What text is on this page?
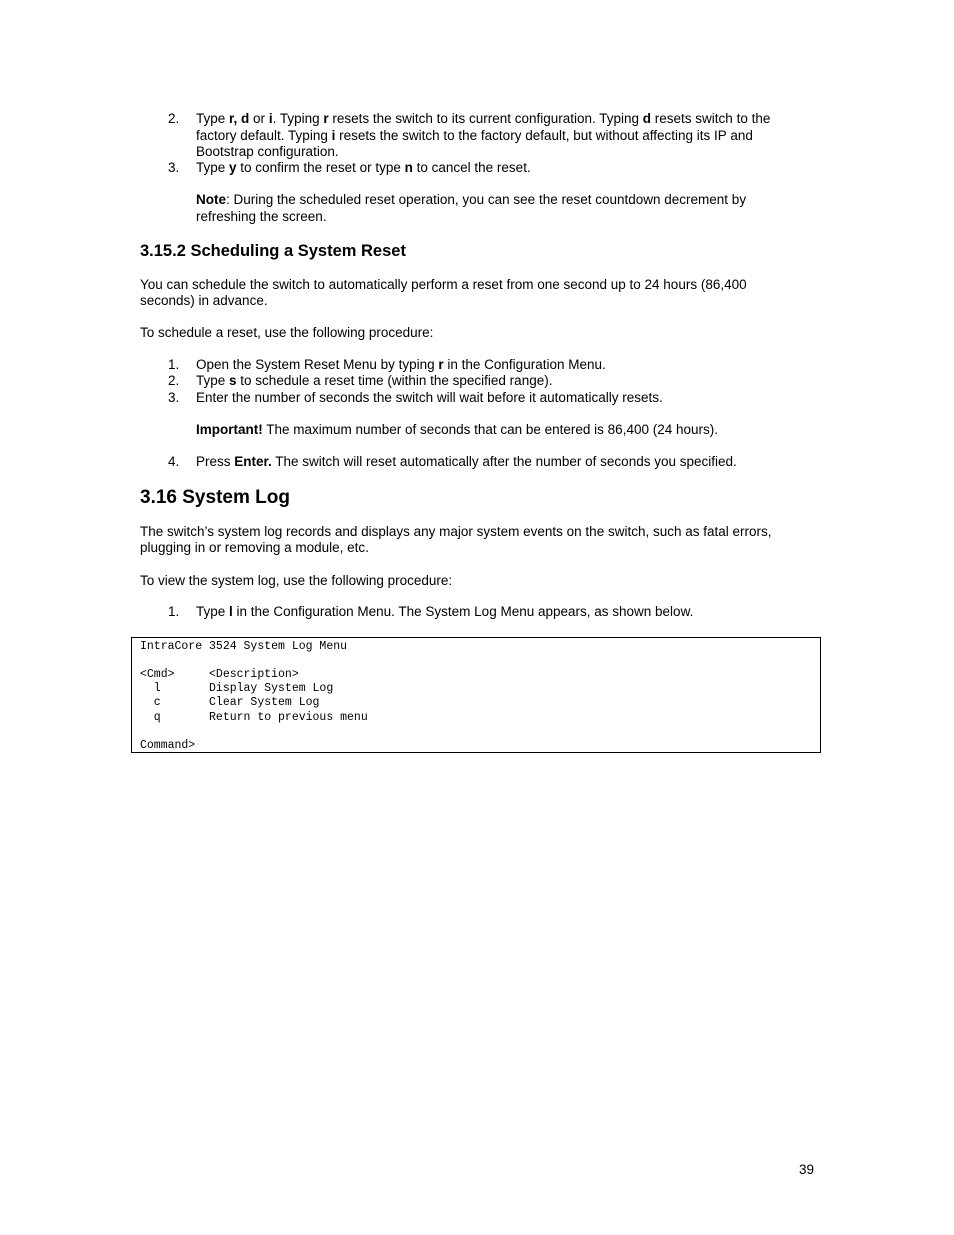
2. Type r, d or i. Typing r resets the switch to its current configuration. Typing d resets switch to the
factory default. Typing i resets the switch to the factory default, but without affecting its IP and
Bootstrap configuration.
3. Type y to confirm the reset or type n to cancel the reset.
Note: During the scheduled reset operation, you can see the reset countdown decrement by
refreshing the screen.
3.15.2 Scheduling a System Reset
You can schedule the switch to automatically perform a reset from one second up to 24 hours (86,400
seconds) in advance.
To schedule a reset, use the following procedure:
1. Open the System Reset Menu by typing r in the Configuration Menu.
2. Type s to schedule a reset time (within the specified range).
3. Enter the number of seconds the switch will wait before it automatically resets.
Important! The maximum number of seconds that can be entered is 86,400 (24 hours).
4. Press Enter. The switch will reset automatically after the number of seconds you specified.
3.16 System Log
The switch’s system log records and displays any major system events on the switch, such as fatal errors,
plugging in or removing a module, etc.
To view the system log, use the following procedure:
1. Type l in the Configuration Menu. The System Log Menu appears, as shown below.
IntraCore 3524 System Log Menu
<Cmd>     <Description>
l       Display System Log
c       Clear System Log
q       Return to previous menu
Command>
39
